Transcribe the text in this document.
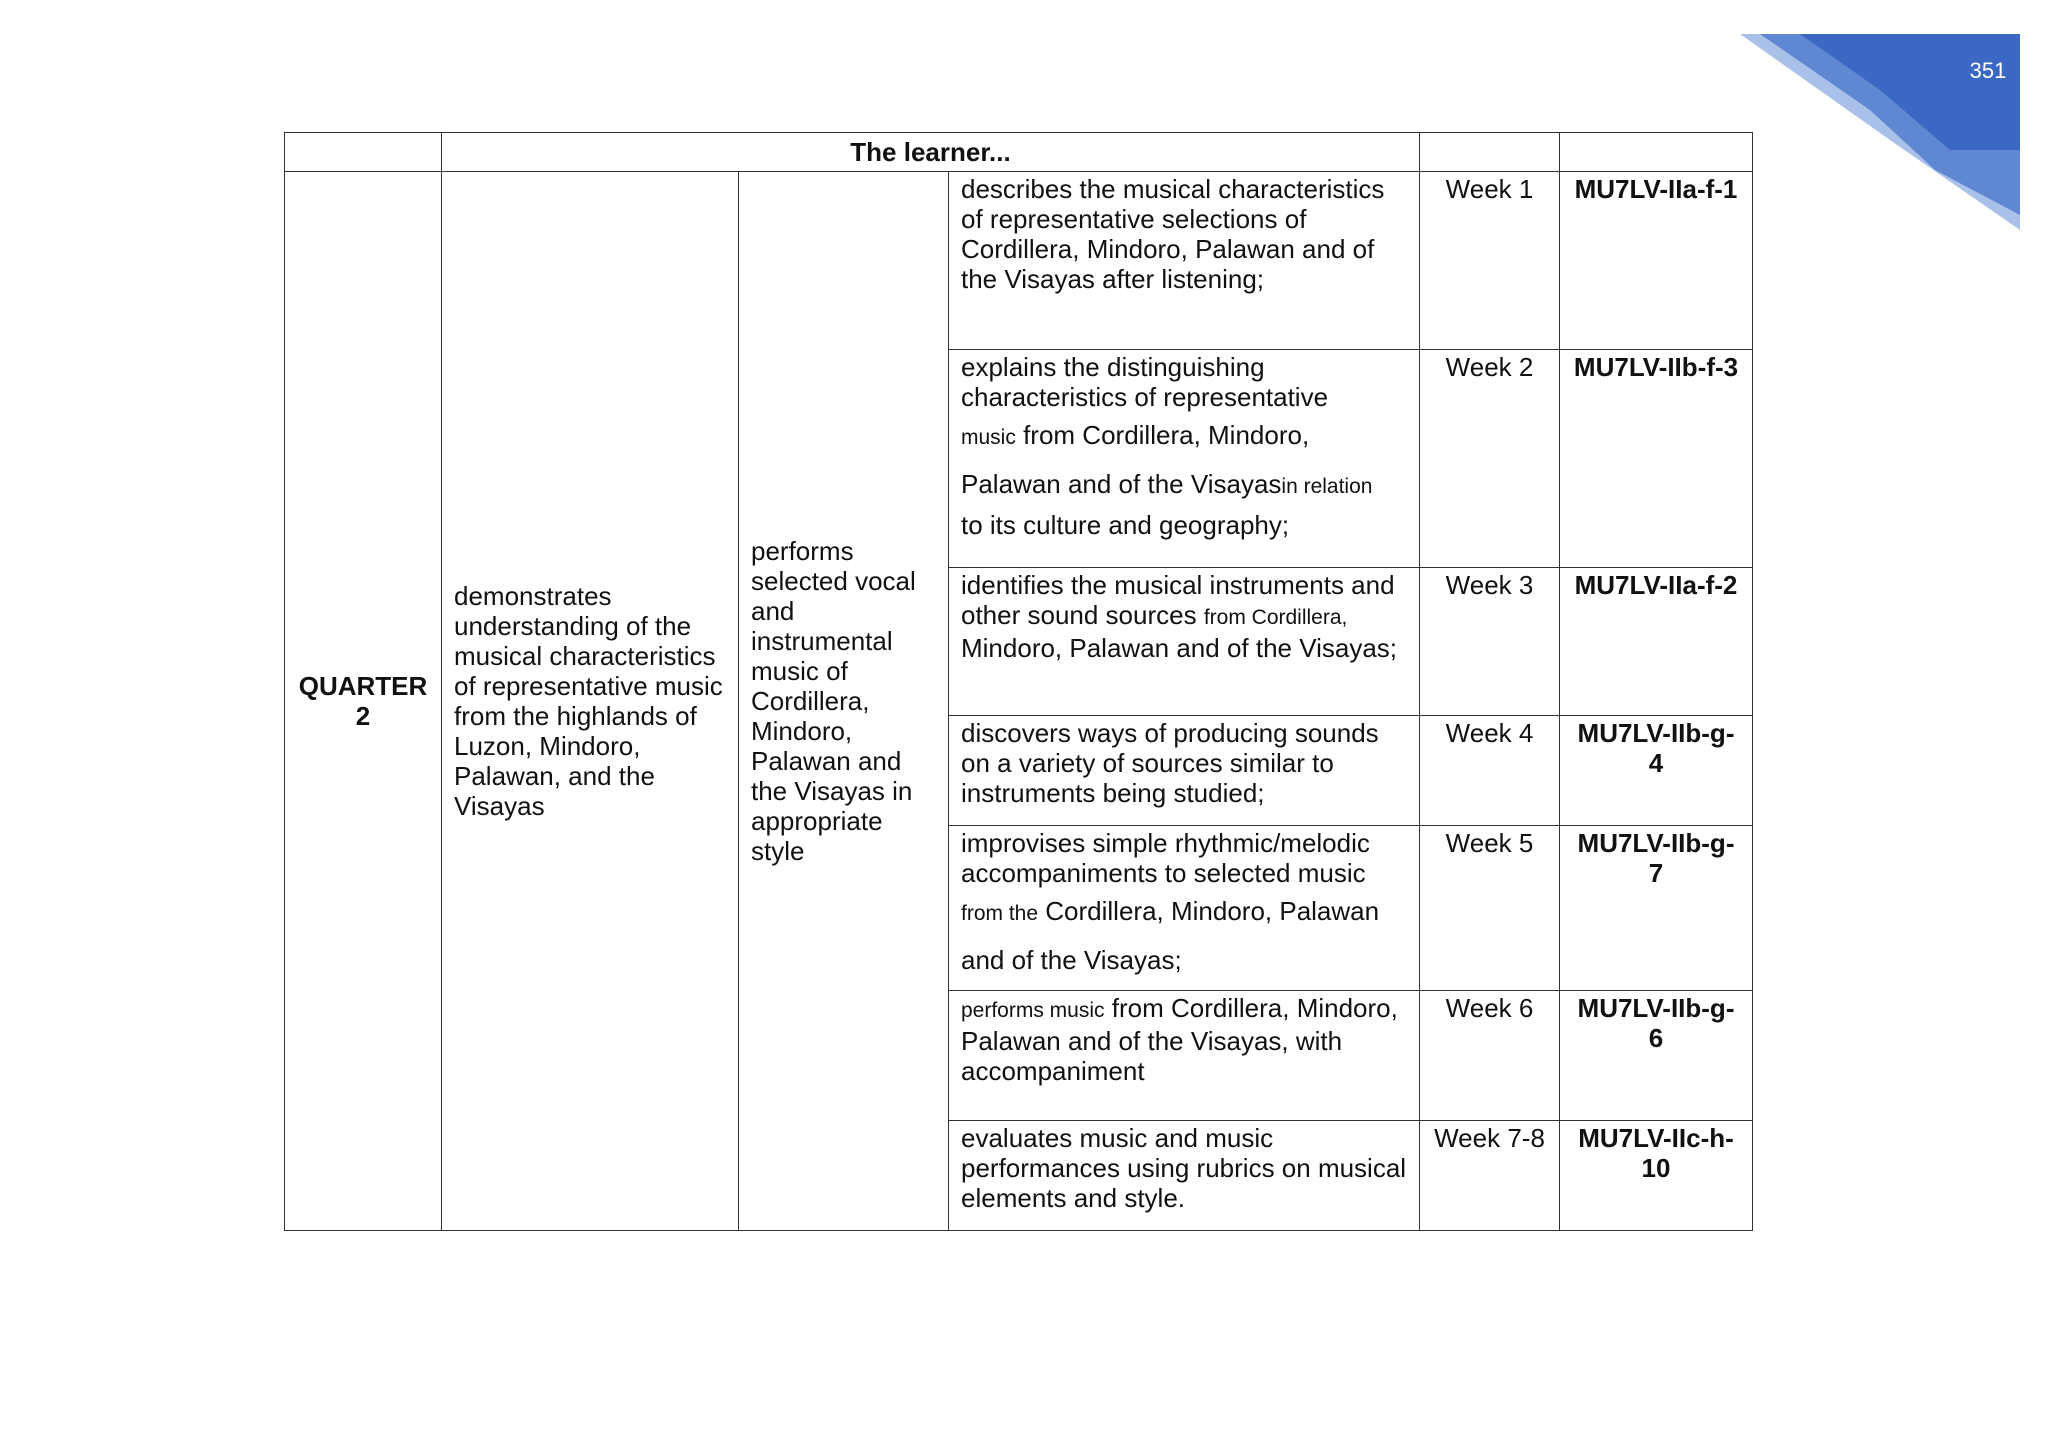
351
	The learner...				
QUARTER 2	demonstrates understanding of the musical characteristics of representative music from the highlands of Luzon, Mindoro, Palawan, and the Visayas	performs selected vocal and instrumental music of Cordillera, Mindoro, Palawan and the Visayas in appropriate style	describes the musical characteristics of representative selections of Cordillera, Mindoro, Palawan and of the Visayas after listening;	Week 1	MU7LV-IIa-f-1
			explains the distinguishing characteristics of representative
music from Cordillera, Mindoro, Palawan and of the Visayasin relation
to its culture and geography;	Week 2	MU7LV-IIb-f-3
			identifies the musical instruments and other sound sources from Cordillera,
Mindoro, Palawan and of the Visayas;	Week 3	MU7LV-IIa-f-2
			discovers ways of producing sounds on a variety of sources similar to instruments being studied;	Week 4	MU7LV-IIb-g-4
			improvises simple rhythmic/melodic accompaniments to selected music
from the Cordillera, Mindoro, Palawan and of the Visayas;	Week 5	MU7LV-IIb-g-7
			performs music from Cordillera, Mindoro, Palawan and of the Visayas, with accompaniment	Week 6	MU7LV-IIb-g-6
			evaluates music and music performances using rubrics on musical elements and style.	Week 7-8	MU7LV-IIc-h-10
